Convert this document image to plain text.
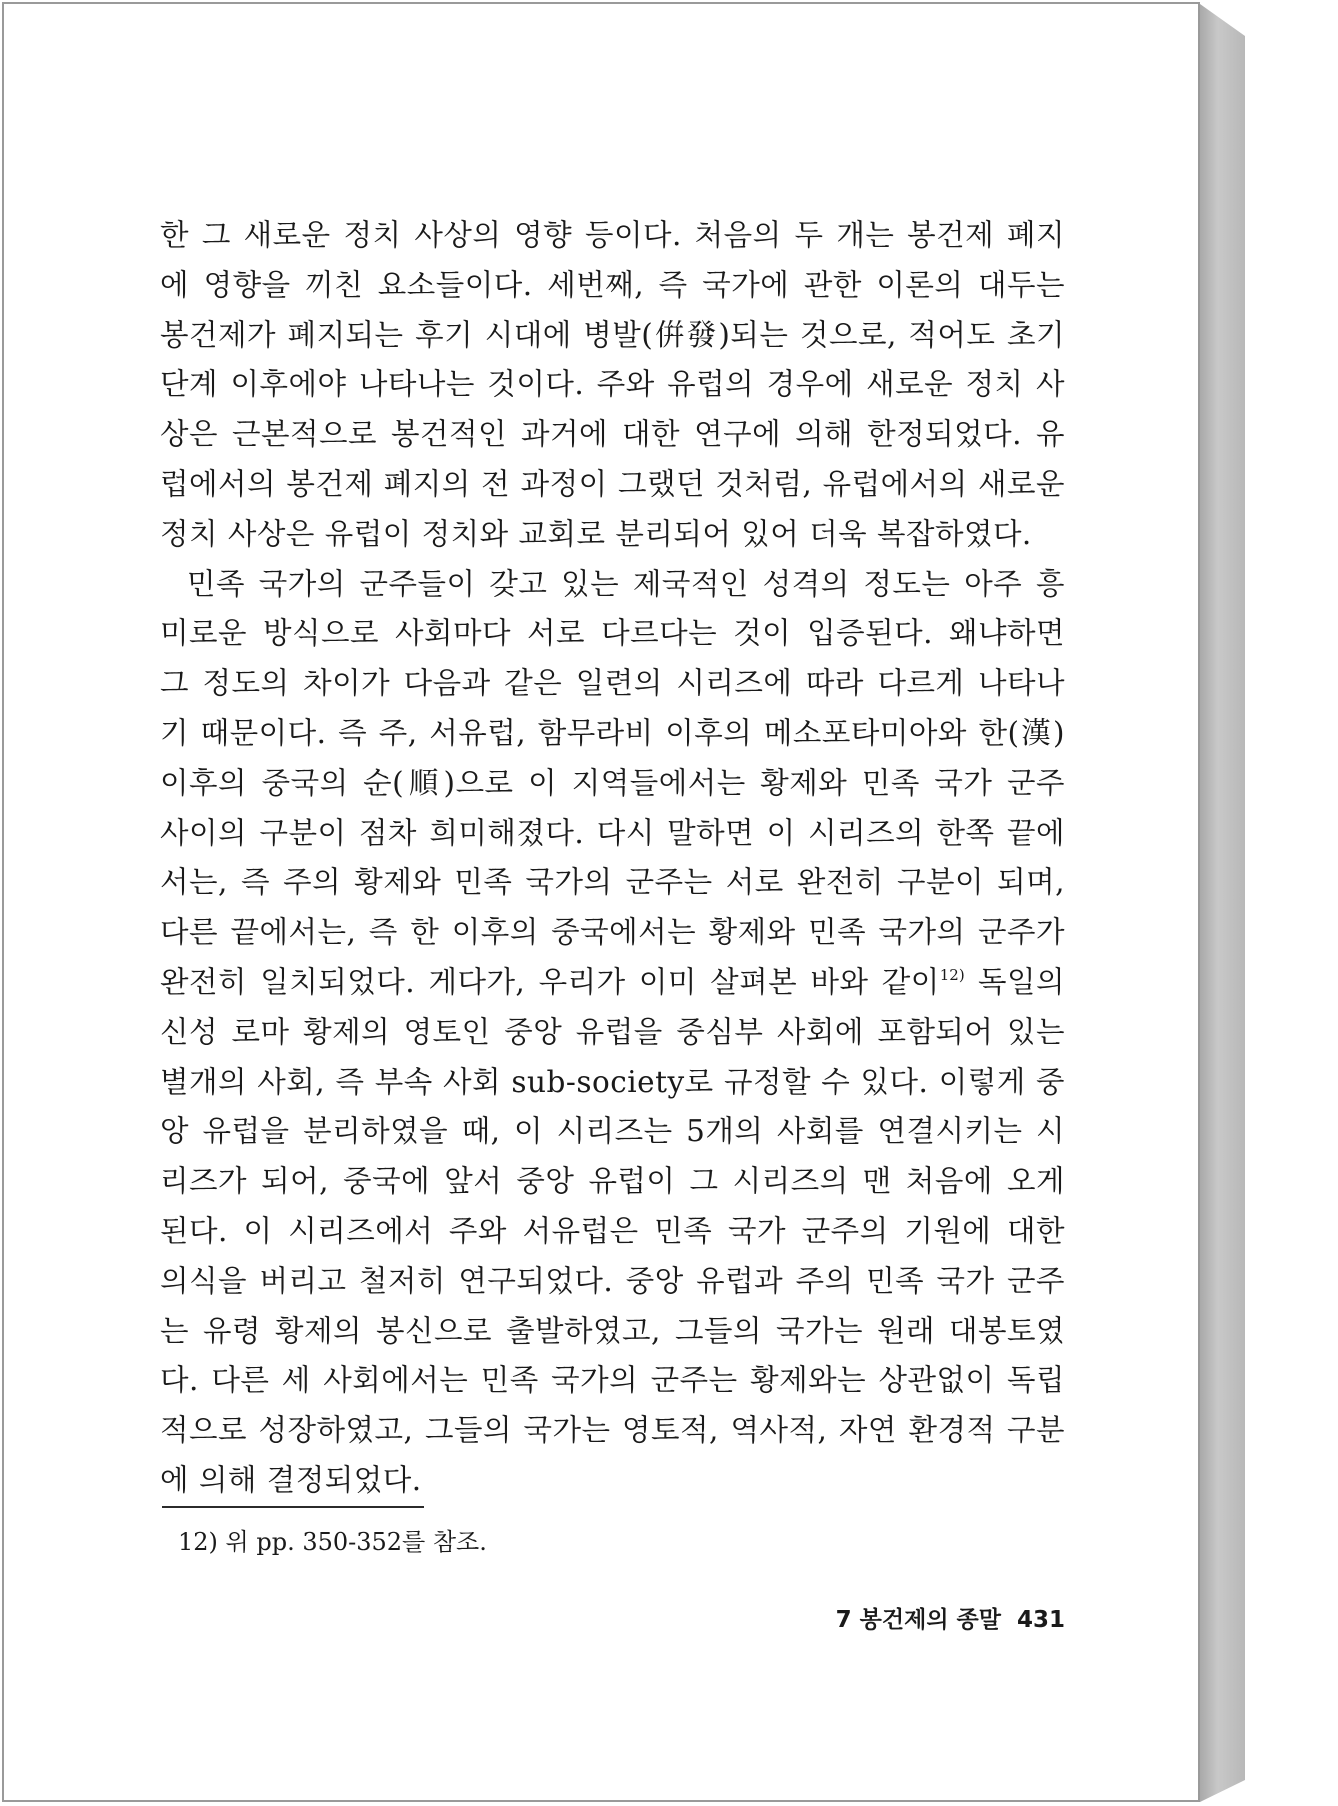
한 그 새로운 정치 사상의 영향 등이다. 처음의 두 개는 봉건제 폐지
에 영향을 끼친 요소들이다. 세번째, 즉 국가에 관한 이론의 대두는
봉건제가 폐지되는 후기 시대에 병발(倂發)되는 것으로, 적어도 초기
단계 이후에야 나타나는 것이다. 주와 유럽의 경우에 새로운 정치 사
상은 근본적으로 봉건적인 과거에 대한 연구에 의해 한정되었다. 유
럽에서의 봉건제 폐지의 전 과정이 그랬던 것처럼, 유럽에서의 새로운
정치 사상은 유럽이 정치와 교회로 분리되어 있어 더욱 복잡하였다.
민족 국가의 군주들이 갖고 있는 제국적인 성격의 정도는 아주 흥
미로운 방식으로 사회마다 서로 다르다는 것이 입증된다. 왜냐하면
그 정도의 차이가 다음과 같은 일련의 시리즈에 따라 다르게 나타나
기 때문이다. 즉 주, 서유럽, 함무라비 이후의 메소포타미아와 한(漢)
이후의 중국의 순(順)으로 이 지역들에서는 황제와 민족 국가 군주
사이의 구분이 점차 희미해졌다. 다시 말하면 이 시리즈의 한쪽 끝에
서는, 즉 주의 황제와 민족 국가의 군주는 서로 완전히 구분이 되며,
다른 끝에서는, 즉 한 이후의 중국에서는 황제와 민족 국가의 군주가
완전히 일치되었다. 게다가, 우리가 이미 살펴본 바와 같이$^{12)}$ 독일의
신성 로마 황제의 영토인 중앙 유럽을 중심부 사회에 포함되어 있는
별개의 사회, 즉 부속 사회 sub-society로 규정할 수 있다. 이렇게 중
앙 유럽을 분리하였을 때, 이 시리즈는 5개의 사회를 연결시키는 시
리즈가 되어, 중국에 앞서 중앙 유럽이 그 시리즈의 맨 처음에 오게
된다. 이 시리즈에서 주와 서유럽은 민족 국가 군주의 기원에 대한
의식을 버리고 철저히 연구되었다. 중앙 유럽과 주의 민족 국가 군주
는 유령 황제의 봉신으로 출발하였고, 그들의 국가는 원래 대봉토였
다. 다른 세 사회에서는 민족 국가의 군주는 황제와는 상관없이 독립
적으로 성장하였고, 그들의 국가는 영토적, 역사적, 자연 환경적 구분
에 의해 결정되었다.
12) 위 pp. 350-352를 참조.
7 봉건제의 종말 431
